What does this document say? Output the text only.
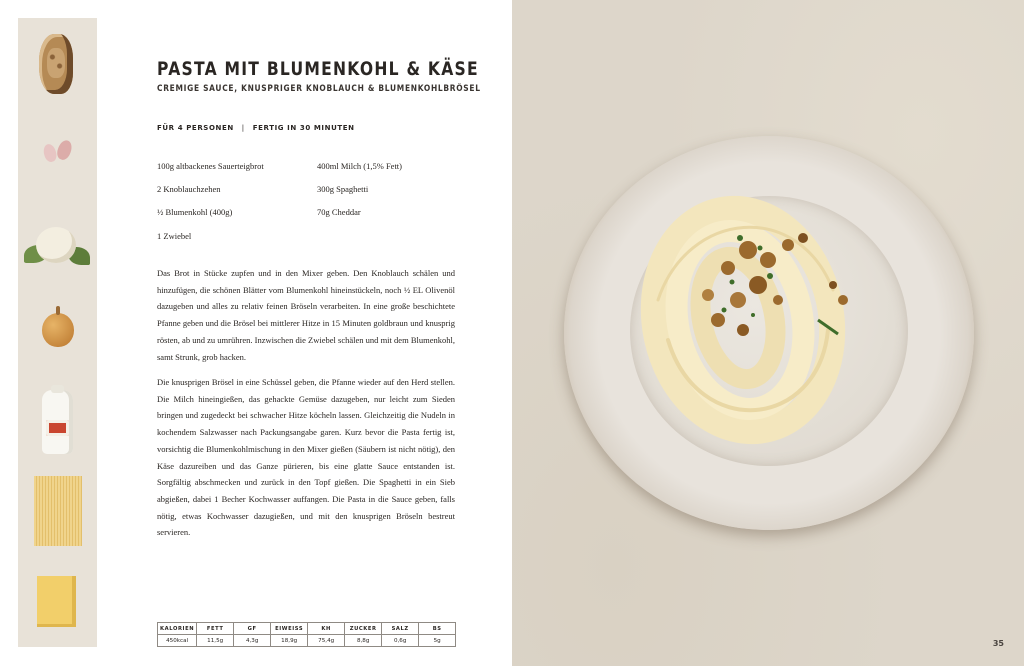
PASTA MIT BLUMENKOHL & KÄSE
CREMIGE SAUCE, KNUSPRIGER KNOBLAUCH & BLUMENKOHLBRÖSEL
FÜR 4 PERSONEN | FERTIG IN 30 MINUTEN
100g altbackenes Sauerteigbrot
2 Knoblauchzehen
½ Blumenkohl (400g)
1 Zwiebel
400ml Milch (1,5% Fett)
300g Spaghetti
70g Cheddar

Das Brot in Stücke zupfen und in den Mixer geben. Den Knoblauch schälen und hinzufügen, die schönen Blätter vom Blumenkohl hineinstückeln, noch ½ EL Olivenöl dazugeben und alles zu relativ feinen Bröseln verarbeiten. In eine große beschichtete Pfanne geben und die Brösel bei mittlerer Hitze in 15 Minuten goldbraun und knusprig rösten, ab und zu umrühren. Inzwischen die Zwiebel schälen und mit dem Blumenkohl, samt Strunk, grob hacken.

Die knusprigen Brösel in eine Schüssel geben, die Pfanne wieder auf den Herd stellen. Die Milch hineingießen, das gehackte Gemüse dazugeben, nur leicht zum Sieden bringen und zugedeckt bei schwacher Hitze köcheln lassen. Gleichzeitig die Nudeln in kochendem Salzwasser nach Packungsangabe garen. Kurz bevor die Pasta fertig ist, vorsichtig die Blumenkohlmischung in den Mixer gießen (Säubern ist nicht nötig), den Käse dazureiben und das Ganze pürieren, bis eine glatte Sauce entstanden ist. Sorgfältig abschmecken und zurück in den Topf gießen. Die Spaghetti in ein Sieb abgießen, dabei 1 Becher Kochwasser auffangen. Die Pasta in die Sauce geben, falls nötig, etwas Kochwasser dazugießen, und mit den knusprigen Bröseln bestreut servieren.

KALORIEN	FETT	GF	EIWEISS	KH	ZUCKER	SALZ	BS
450kcal	11,5g	4,3g	18,9g	75,4g	8,8g	0,6g	5g	35
